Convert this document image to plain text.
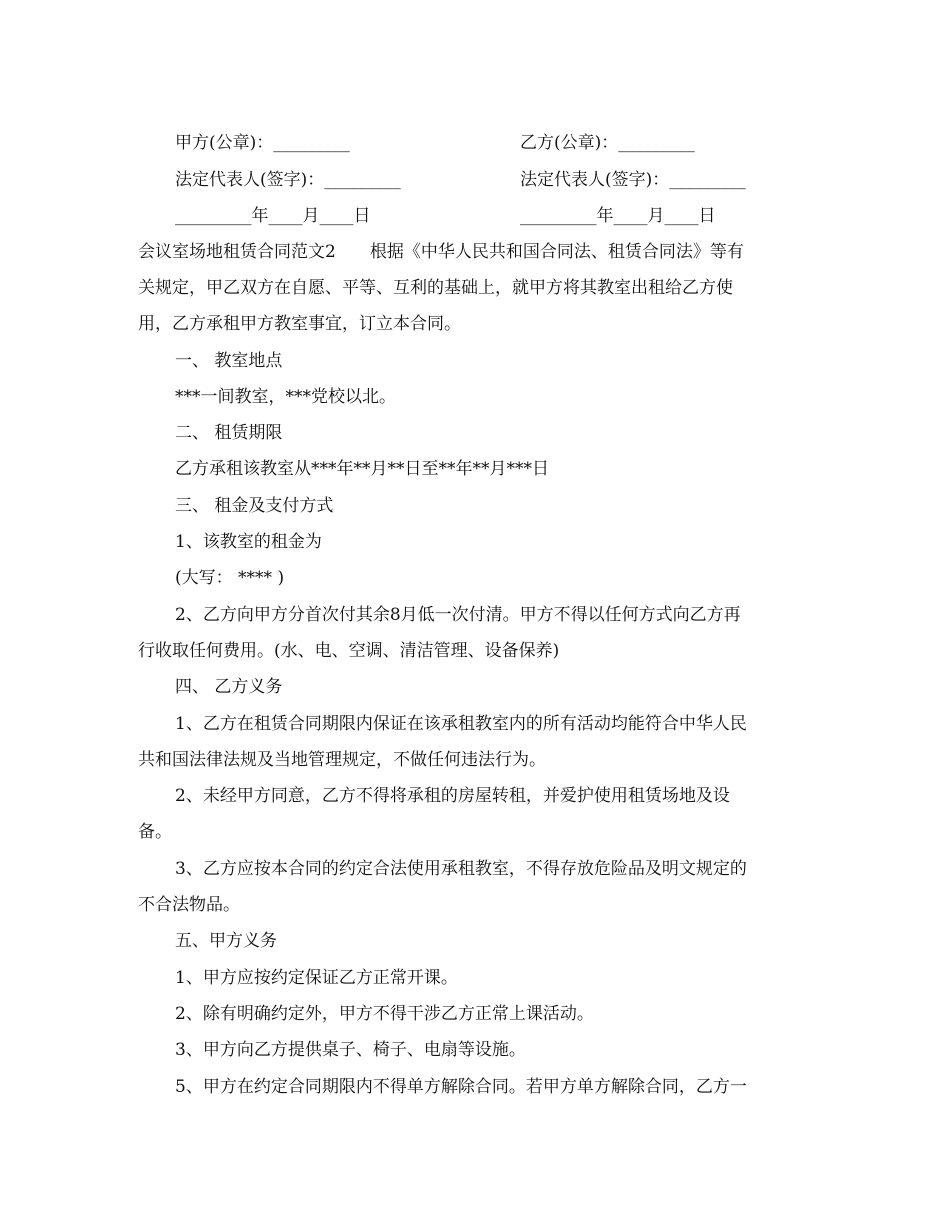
甲方(公章)：_________	乙方(公章)：_________
法定代表人(签字)：_________	法定代表人(签字)：_________
_________年____月____日	_________年____月____日
会议室场地租赁合同范文2　　根据《中华人民共和国合同法、租赁合同法》等有
关规定，甲乙双方在自愿、平等、互利的基础上，就甲方将其教室出租给乙方使
用，乙方承租甲方教室事宜，订立本合同。
一、 教室地点
***一间教室，***党校以北。
二、 租赁期限
乙方承租该教室从***年**月**日至**年**月***日
三、 租金及支付方式
1、该教室的租金为
(大写： **** )
2、乙方向甲方分首次付其余8月低一次付清。甲方不得以任何方式向乙方再
行收取任何费用。(水、电、空调、清洁管理、设备保养)
四、 乙方义务
1、乙方在租赁合同期限内保证在该承租教室内的所有活动均能符合中华人民
共和国法律法规及当地管理规定，不做任何违法行为。
2、未经甲方同意，乙方不得将承租的房屋转租，并爱护使用租赁场地及设
备。
3、乙方应按本合同的约定合法使用承租教室，不得存放危险品及明文规定的
不合法物品。
五、甲方义务
1、甲方应按约定保证乙方正常开课。
2、除有明确约定外，甲方不得干涉乙方正常上课活动。
3、甲方向乙方提供桌子、椅子、电扇等设施。
5、甲方在约定合同期限内不得单方解除合同。若甲方单方解除合同，乙方一
